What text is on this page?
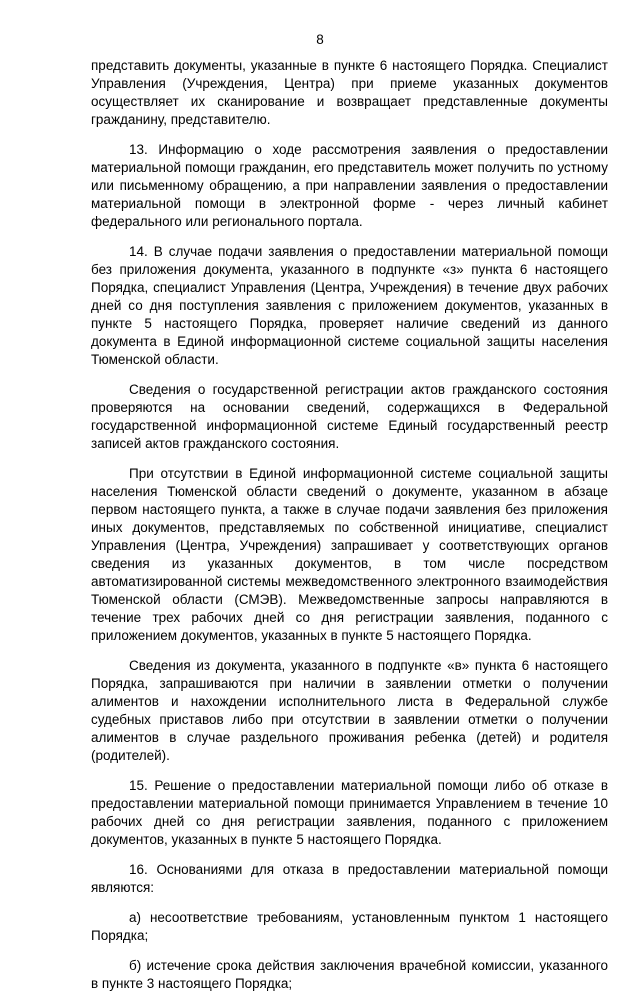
8

представить документы, указанные в пункте 6 настоящего Порядка. Специалист Управления (Учреждения, Центра) при приеме указанных документов осуществляет их сканирование и возвращает представленные документы гражданину, представителю.

13. Информацию о ходе рассмотрения заявления о предоставлении материальной помощи гражданин, его представитель может получить по устному или письменному обращению, а при направлении заявления о предоставлении материальной помощи в электронной форме - через личный кабинет федерального или регионального портала.

14. В случае подачи заявления о предоставлении материальной помощи без приложения документа, указанного в подпункте «з» пункта 6 настоящего Порядка, специалист Управления (Центра, Учреждения) в течение двух рабочих дней со дня поступления заявления с приложением документов, указанных в пункте 5 настоящего Порядка, проверяет наличие сведений из данного документа в Единой информационной системе социальной защиты населения Тюменской области.

Сведения о государственной регистрации актов гражданского состояния проверяются на основании сведений, содержащихся в Федеральной государственной информационной системе Единый государственный реестр записей актов гражданского состояния.

При отсутствии в Единой информационной системе социальной защиты населения Тюменской области сведений о документе, указанном в абзаце первом настоящего пункта, а также в случае подачи заявления без приложения иных документов, представляемых по собственной инициативе, специалист Управления (Центра, Учреждения) запрашивает у соответствующих органов сведения из указанных документов, в том числе посредством автоматизированной системы межведомственного электронного взаимодействия Тюменской области (СМЭВ). Межведомственные запросы направляются в течение трех рабочих дней со дня регистрации заявления, поданного с приложением документов, указанных в пункте 5 настоящего Порядка.

Сведения из документа, указанного в подпункте «в» пункта 6 настоящего Порядка, запрашиваются при наличии в заявлении отметки о получении алиментов и нахождении исполнительного листа в Федеральной службе судебных приставов либо при отсутствии в заявлении отметки о получении алиментов в случае раздельного проживания ребенка (детей) и родителя (родителей).

15. Решение о предоставлении материальной помощи либо об отказе в предоставлении материальной помощи принимается Управлением в течение 10 рабочих дней со дня регистрации заявления, поданного с приложением документов, указанных в пункте 5 настоящего Порядка.

16. Основаниями для отказа в предоставлении материальной помощи являются:

а) несоответствие требованиям, установленным пунктом 1 настоящего Порядка;

б) истечение срока действия заключения врачебной комиссии, указанного в пункте 3 настоящего Порядка;
